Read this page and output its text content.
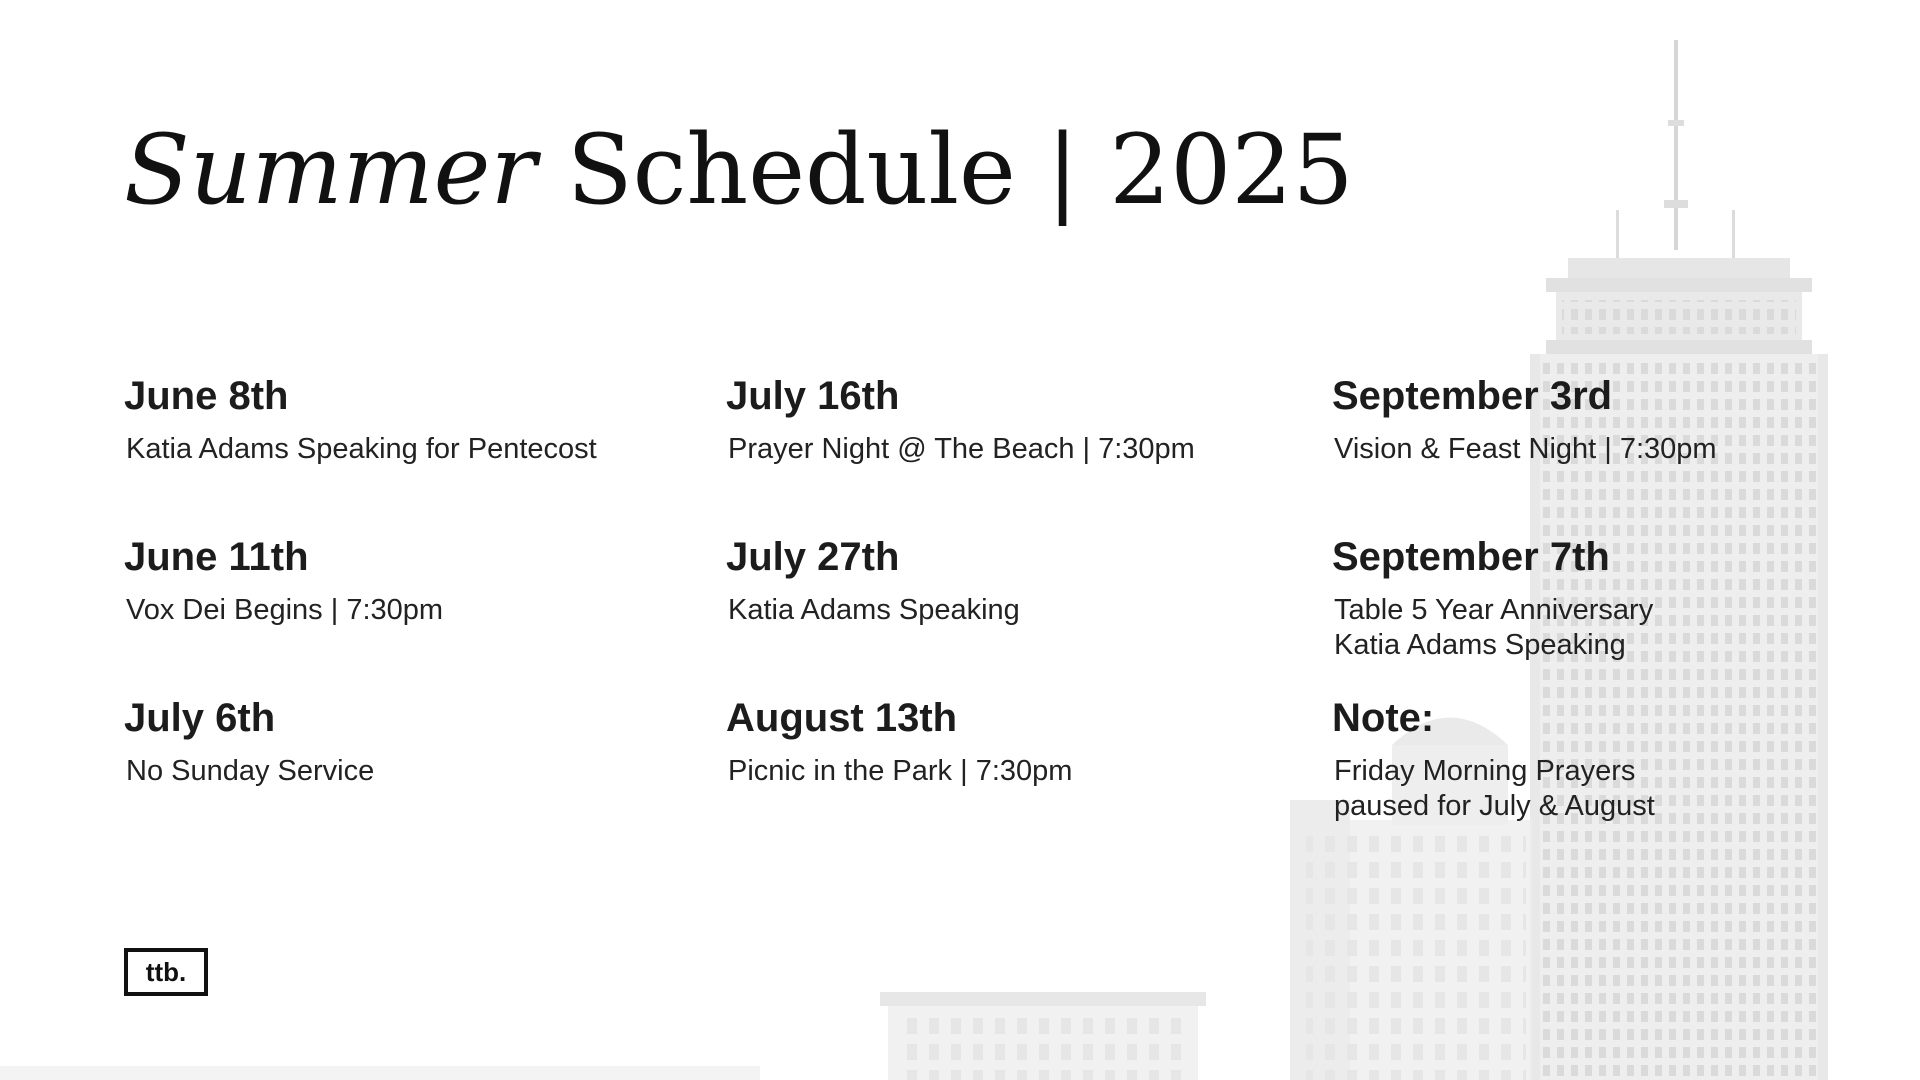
Summer Schedule | 2025

June 8th

Katia Adams Speaking for Pentecost

June 11th

Vox Dei Begins | 7:30pm

July 6th

No Sunday Service

July 16th

Prayer Night @ The Beach | 7:30pm

July 27th

Katia Adams Speaking

August 13th

Picnic in the Park | 7:30pm

September 3rd

Vision & Feast Night | 7:30pm

September 7th

Table 5 Year Anniversary

Katia Adams Speaking

Note:

Friday Morning Prayers

paused for July & August

ttb.
